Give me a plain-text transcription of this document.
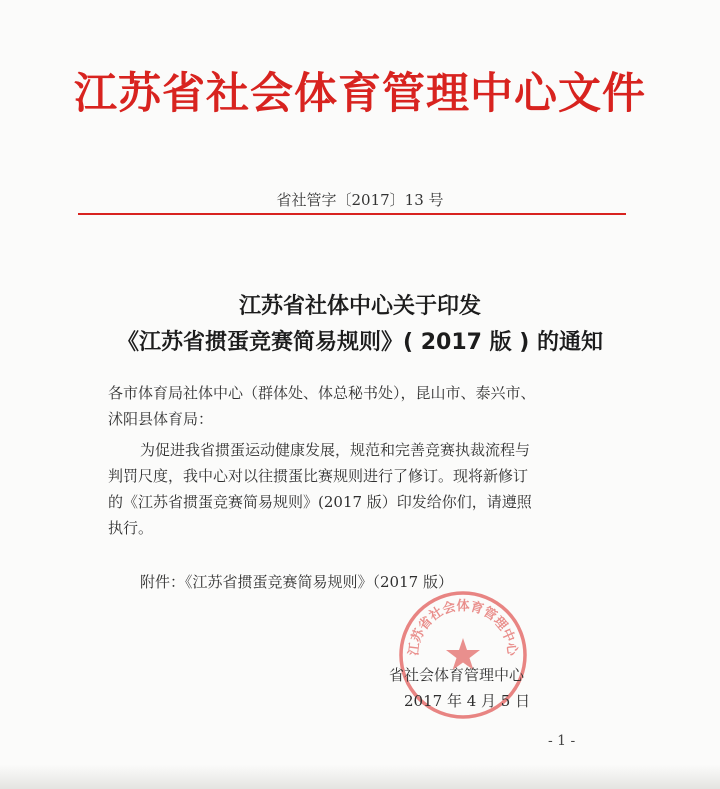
江苏省社会体育管理中心文件
省社管字〔2017〕13 号
江苏省社体中心关于印发
《江苏省掼蛋竞赛简易规则》( 2017 版 ) 的通知
各市体育局社体中心（群体处、体总秘书处），昆山市、泰兴市、
沭阳县体育局：
为促进我省掼蛋运动健康发展，规范和完善竞赛执裁流程与
判罚尺度，我中心对以往掼蛋比赛规则进行了修订。现将新修订
的《江苏省掼蛋竞赛简易规则》(2017 版）印发给你们，请遵照
执行。
附件：《江苏省掼蛋竞赛简易规则》（2017 版）
江苏省社会体育管理中心
省社会体育管理中心
2017 年 4 月 5 日
- 1 -
